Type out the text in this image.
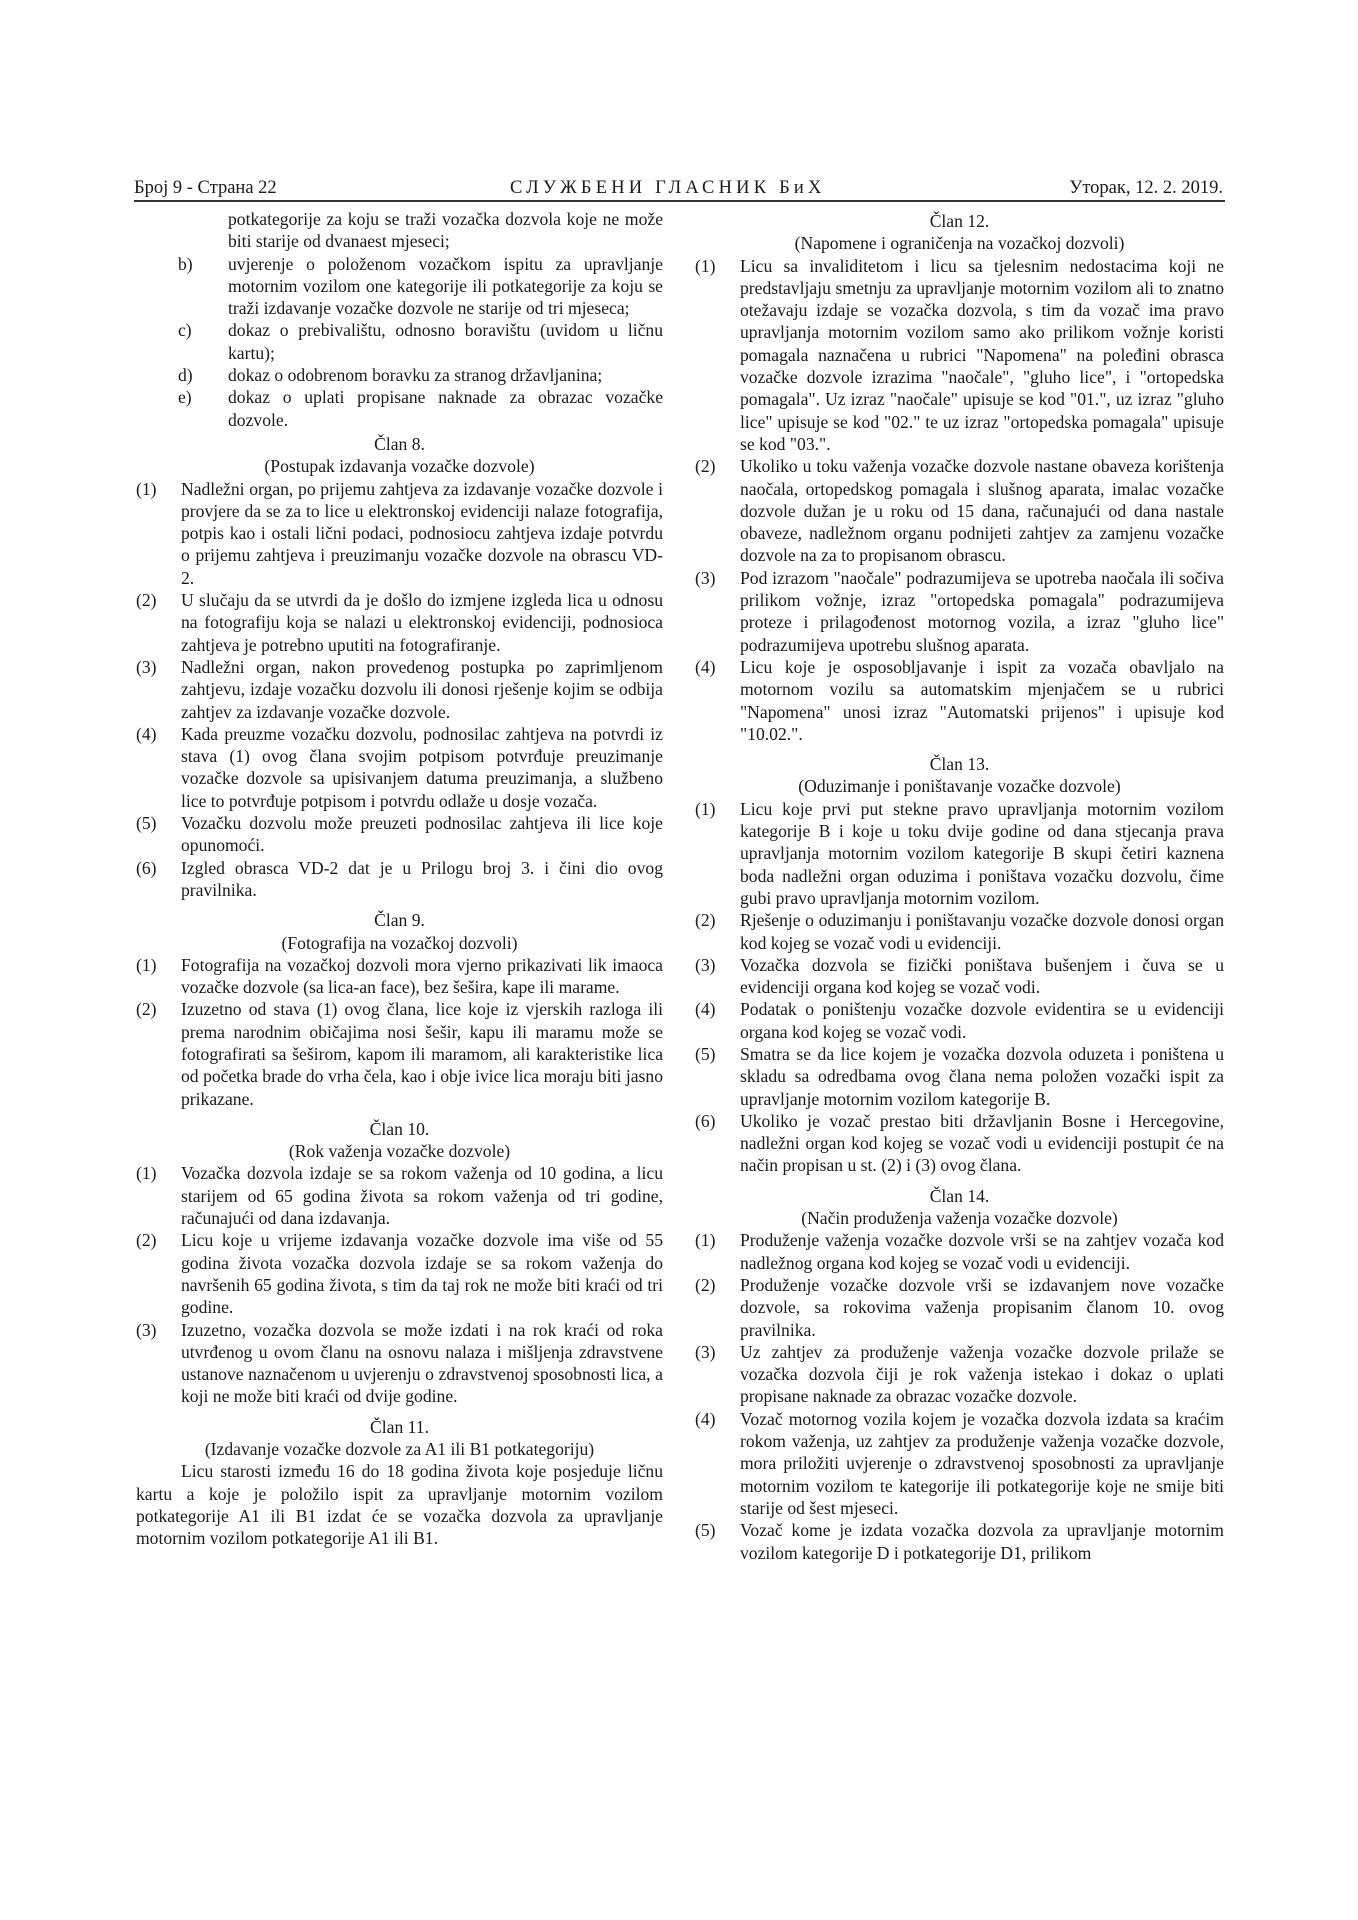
Број 9 - Страна 22	СЛУЖБЕНИ ГЛАСНИК БиХ	Уторак, 12. 2. 2019.
potkategorije za koju se traži vozačka dozvola koje ne može biti starije od dvanaest mjeseci;
b) uvjerenje o položenom vozačkom ispitu za upravljanje motornim vozilom one kategorije ili potkategorije za koju se traži izdavanje vozačke dozvole ne starije od tri mjeseca;
c) dokaz o prebivalištu, odnosno boravištu (uvidom u ličnu kartu);
d) dokaz o odobrenom boravku za stranog državljanina;
e) dokaz o uplati propisane naknade za obrazac vozačke dozvole.
Član 8.
(Postupak izdavanja vozačke dozvole)
(1) Nadležni organ, po prijemu zahtjeva za izdavanje vozačke dozvole i provjere da se za to lice u elektronskoj evidenciji nalaze fotografija, potpis kao i ostali lični podaci, podnosiocu zahtjeva izdaje potvrdu o prijemu zahtjeva i preuzimanju vozačke dozvole na obrascu VD-2.
(2) U slučaju da se utvrdi da je došlo do izmjene izgleda lica u odnosu na fotografiju koja se nalazi u elektronskoj evidenciji, podnosioca zahtjeva je potrebno uputiti na fotografiranje.
(3) Nadležni organ, nakon provedenog postupka po zaprimljenom zahtjevu, izdaje vozačku dozvolu ili donosi rješenje kojim se odbija zahtjev za izdavanje vozačke dozvole.
(4) Kada preuzme vozačku dozvolu, podnosilac zahtjeva na potvrdi iz stava (1) ovog člana svojim potpisom potvrđuje preuzimanje vozačke dozvole sa upisivanjem datuma preuzimanja, a službeno lice to potvrđuje potpisom i potvrdu odlaže u dosje vozača.
(5) Vozačku dozvolu može preuzeti podnosilac zahtjeva ili lice koje opunomoći.
(6) Izgled obrasca VD-2 dat je u Prilogu broj 3. i čini dio ovog pravilnika.
Član 9.
(Fotografija na vozačkoj dozvoli)
(1) Fotografija na vozačkoj dozvoli mora vjerno prikazivati lik imaoca vozačke dozvole (sa lica-an face), bez šešira, kape ili marame.
(2) Izuzetno od stava (1) ovog člana, lice koje iz vjerskih razloga ili prema narodnim običajima nosi šešir, kapu ili maramu može se fotografirati sa šeširom, kapom ili maramom, ali karakteristike lica od početka brade do vrha čela, kao i obje ivice lica moraju biti jasno prikazane.
Član 10.
(Rok važenja vozačke dozvole)
(1) Vozačka dozvola izdaje se sa rokom važenja od 10 godina, a licu starijem od 65 godina života sa rokom važenja od tri godine, računajući od dana izdavanja.
(2) Licu koje u vrijeme izdavanja vozačke dozvole ima više od 55 godina života vozačka dozvola izdaje se sa rokom važenja do navršenih 65 godina života, s tim da taj rok ne može biti kraći od tri godine.
(3) Izuzetno, vozačka dozvola se može izdati i na rok kraći od roka utvrđenog u ovom članu na osnovu nalaza i mišljenja zdravstvene ustanove naznačenom u uvjerenju o zdravstvenoj sposobnosti lica, a koji ne može biti kraći od dvije godine.
Član 11.
(Izdavanje vozačke dozvole za A1 ili B1 potkategoriju)
Licu starosti između 16 do 18 godina života koje posjeduje ličnu kartu a koje je položilo ispit za upravljanje motornim vozilom potkategorije A1 ili B1 izdat će se vozačka dozvola za upravljanje motornim vozilom potkategorije A1 ili B1.
Član 12.
(Napomene i ograničenja na vozačkoj dozvoli)
(1) Licu sa invaliditetom i licu sa tjelesnim nedostacima koji ne predstavljaju smetnju za upravljanje motornim vozilom ali to znatno otežavaju izdaje se vozačka dozvola, s tim da vozač ima pravo upravljanja motornim vozilom samo ako prilikom vožnje koristi pomagala naznačena u rubrici "Napomena" na poleđini obrasca vozačke dozvole izrazima "naočale", "gluho lice", i "ortopedska pomagala". Uz izraz "naočale" upisuje se kod "01.", uz izraz "gluho lice" upisuje se kod "02." te uz izraz "ortopedska pomagala" upisuje se kod "03.".
(2) Ukoliko u toku važenja vozačke dozvole nastane obaveza korištenja naočala, ortopedskog pomagala i slušnog aparata, imalac vozačke dozvole dužan je u roku od 15 dana, računajući od dana nastale obaveze, nadležnom organu podnijeti zahtjev za zamjenu vozačke dozvole na za to propisanom obrascu.
(3) Pod izrazom "naočale" podrazumijeva se upotreba naočala ili sočiva prilikom vožnje, izraz "ortopedska pomagala" podrazumijeva proteze i prilagođenost motornog vozila, a izraz "gluho lice" podrazumijeva upotrebu slušnog aparata.
(4) Licu koje je osposobljavanje i ispit za vozača obavljalo na motornom vozilu sa automatskim mjenjačem se u rubrici "Napomena" unosi izraz "Automatski prijenos" i upisuje kod "10.02.".
Član 13.
(Oduzimanje i poništavanje vozačke dozvole)
(1) Licu koje prvi put stekne pravo upravljanja motornim vozilom kategorije B i koje u toku dvije godine od dana stjecanja prava upravljanja motornim vozilom kategorije B skupi četiri kaznena boda nadležni organ oduzima i poništava vozačku dozvolu, čime gubi pravo upravljanja motornim vozilom.
(2) Rješenje o oduzimanju i poništavanju vozačke dozvole donosi organ kod kojeg se vozač vodi u evidenciji.
(3) Vozačka dozvola se fizički poništava bušenjem i čuva se u evidenciji organa kod kojeg se vozač vodi.
(4) Podatak o poništenju vozačke dozvole evidentira se u evidenciji organa kod kojeg se vozač vodi.
(5) Smatra se da lice kojem je vozačka dozvola oduzeta i poništena u skladu sa odredbama ovog člana nema položen vozački ispit za upravljanje motornim vozilom kategorije B.
(6) Ukoliko je vozač prestao biti državljanin Bosne i Hercegovine, nadležni organ kod kojeg se vozač vodi u evidenciji postupit će na način propisan u st. (2) i (3) ovog člana.
Član 14.
(Način produženja važenja vozačke dozvole)
(1) Produženje važenja vozačke dozvole vrši se na zahtjev vozača kod nadležnog organa kod kojeg se vozač vodi u evidenciji.
(2) Produženje vozačke dozvole vrši se izdavanjem nove vozačke dozvole, sa rokovima važenja propisanim članom 10. ovog pravilnika.
(3) Uz zahtjev za produženje važenja vozačke dozvole prilaže se vozačka dozvola čiji je rok važenja istekao i dokaz o uplati propisane naknade za obrazac vozačke dozvole.
(4) Vozač motornog vozila kojem je vozačka dozvola izdata sa kraćim rokom važenja, uz zahtjev za produženje važenja vozačke dozvole, mora priložiti uvjerenje o zdravstvenoj sposobnosti za upravljanje motornim vozilom te kategorije ili potkategorije koje ne smije biti starije od šest mjeseci.
(5) Vozač kome je izdata vozačka dozvola za upravljanje motornim vozilom kategorije D i potkategorije D1, prilikom
